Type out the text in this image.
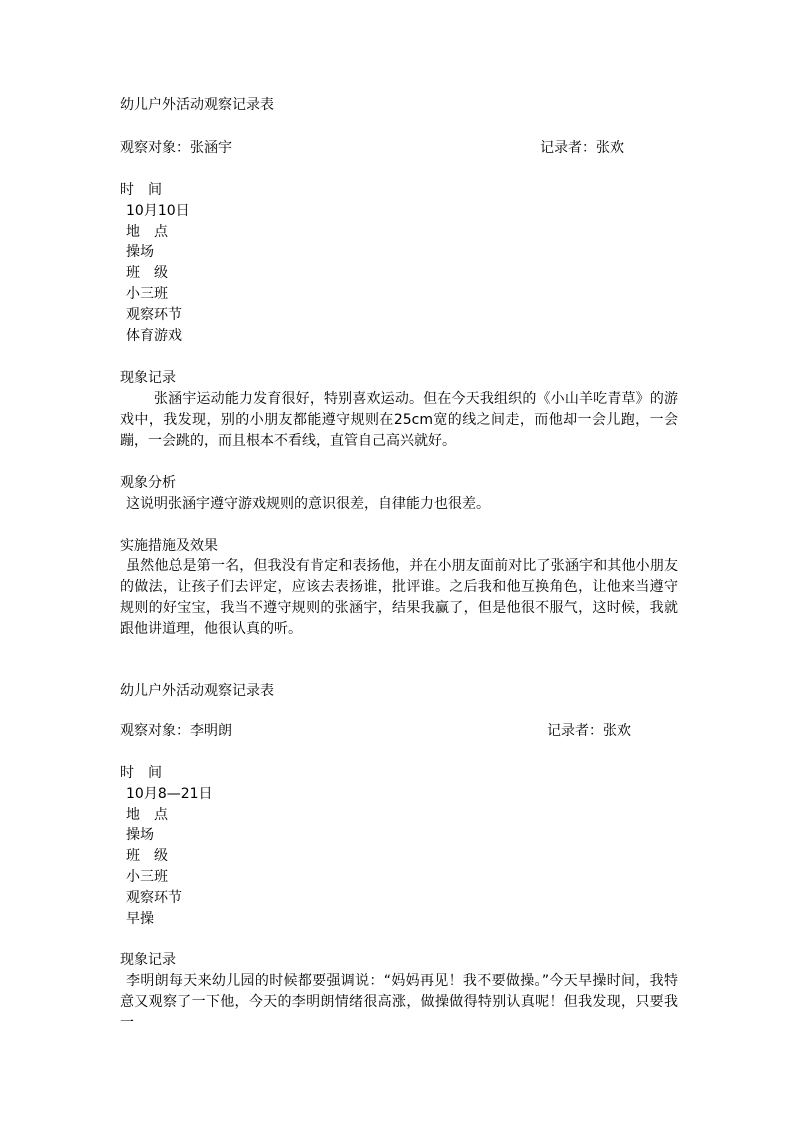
幼儿户外活动观察记录表
观察对象：张涵宇	记录者：张欢
时　间
10月10日
地　点
操场
班　级
小三班
观察环节
体育游戏
现象记录
张涵宇运动能力发育很好，特别喜欢运动。但在今天我组织的《小山羊吃青草》的游戏中，我发现，别的小朋友都能遵守规则在25cm宽的线之间走，而他却一会儿跑，一会蹦，一会跳的，而且根本不看线，直管自己高兴就好。
观象分析
这说明张涵宇遵守游戏规则的意识很差，自律能力也很差。
实施措施及效果
虽然他总是第一名，但我没有肯定和表扬他，并在小朋友面前对比了张涵宇和其他小朋友的做法，让孩子们去评定，应该去表扬谁，批评谁。之后我和他互换角色，让他来当遵守规则的好宝宝，我当不遵守规则的张涵宇，结果我赢了，但是他很不服气，这时候，我就跟他讲道理，他很认真的听。
幼儿户外活动观察记录表
观察对象：李明朗	记录者：张欢
时　间
10月8—21日
地　点
操场
班　级
小三班
观察环节
早操
现象记录
李明朗每天来幼儿园的时候都要强调说：“妈妈再见！我不要做操。”今天早操时间，我特意又观察了一下他，今天的李明朗情绪很高涨，做操做得特别认真呢！但我发现，只要我一
